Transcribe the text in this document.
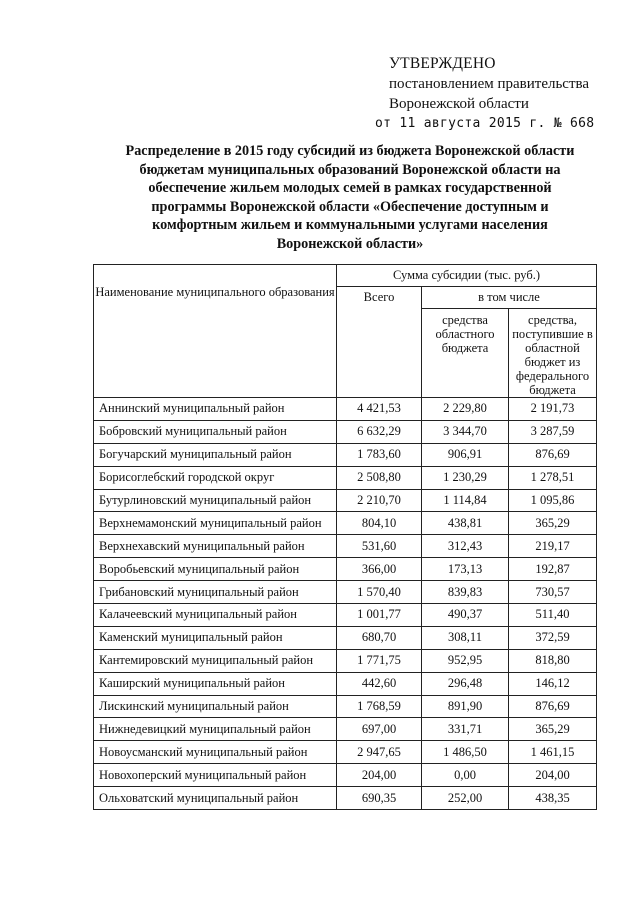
УТВЕРЖДЕНО
постановлением правительства
Воронежской области
от 11 августа 2015 г. № 668
Распределение в 2015 году субсидий из бюджета Воронежской области
бюджетам муниципальных образований Воронежской области на
обеспечение жильем молодых семей в рамках государственной
программы Воронежской области «Обеспечение доступным и
комфортным жильем и коммунальными услугами населения
Воронежской области»
Наименование муниципального образования	Сумма субсидии (тыс. руб.)		
	Всего	в том числе	
		средства областного бюджета	средства, поступившие в областной бюджет из федерального бюджета
Аннинский муниципальный район	4 421,53	2 229,80	2 191,73
Бобровский муниципальный район	6 632,29	3 344,70	3 287,59
Богучарский муниципальный район	1 783,60	906,91	876,69
Борисоглебский городской округ	2 508,80	1 230,29	1 278,51
Бутурлиновский муниципальный район	2 210,70	1 114,84	1 095,86
Верхнемамонский муниципальный район	804,10	438,81	365,29
Верхнехавский муниципальный район	531,60	312,43	219,17
Воробьевский муниципальный район	366,00	173,13	192,87
Грибановский муниципальный район	1 570,40	839,83	730,57
Калачеевский муниципальный район	1 001,77	490,37	511,40
Каменский муниципальный район	680,70	308,11	372,59
Кантемировский муниципальный район	1 771,75	952,95	818,80
Каширский муниципальный район	442,60	296,48	146,12
Лискинский муниципальный район	1 768,59	891,90	876,69
Нижнедевицкий муниципальный район	697,00	331,71	365,29
Новоусманский муниципальный район	2 947,65	1 486,50	1 461,15
Новохоперский муниципальный район	204,00	0,00	204,00
Ольховатский муниципальный район	690,35	252,00	438,35
